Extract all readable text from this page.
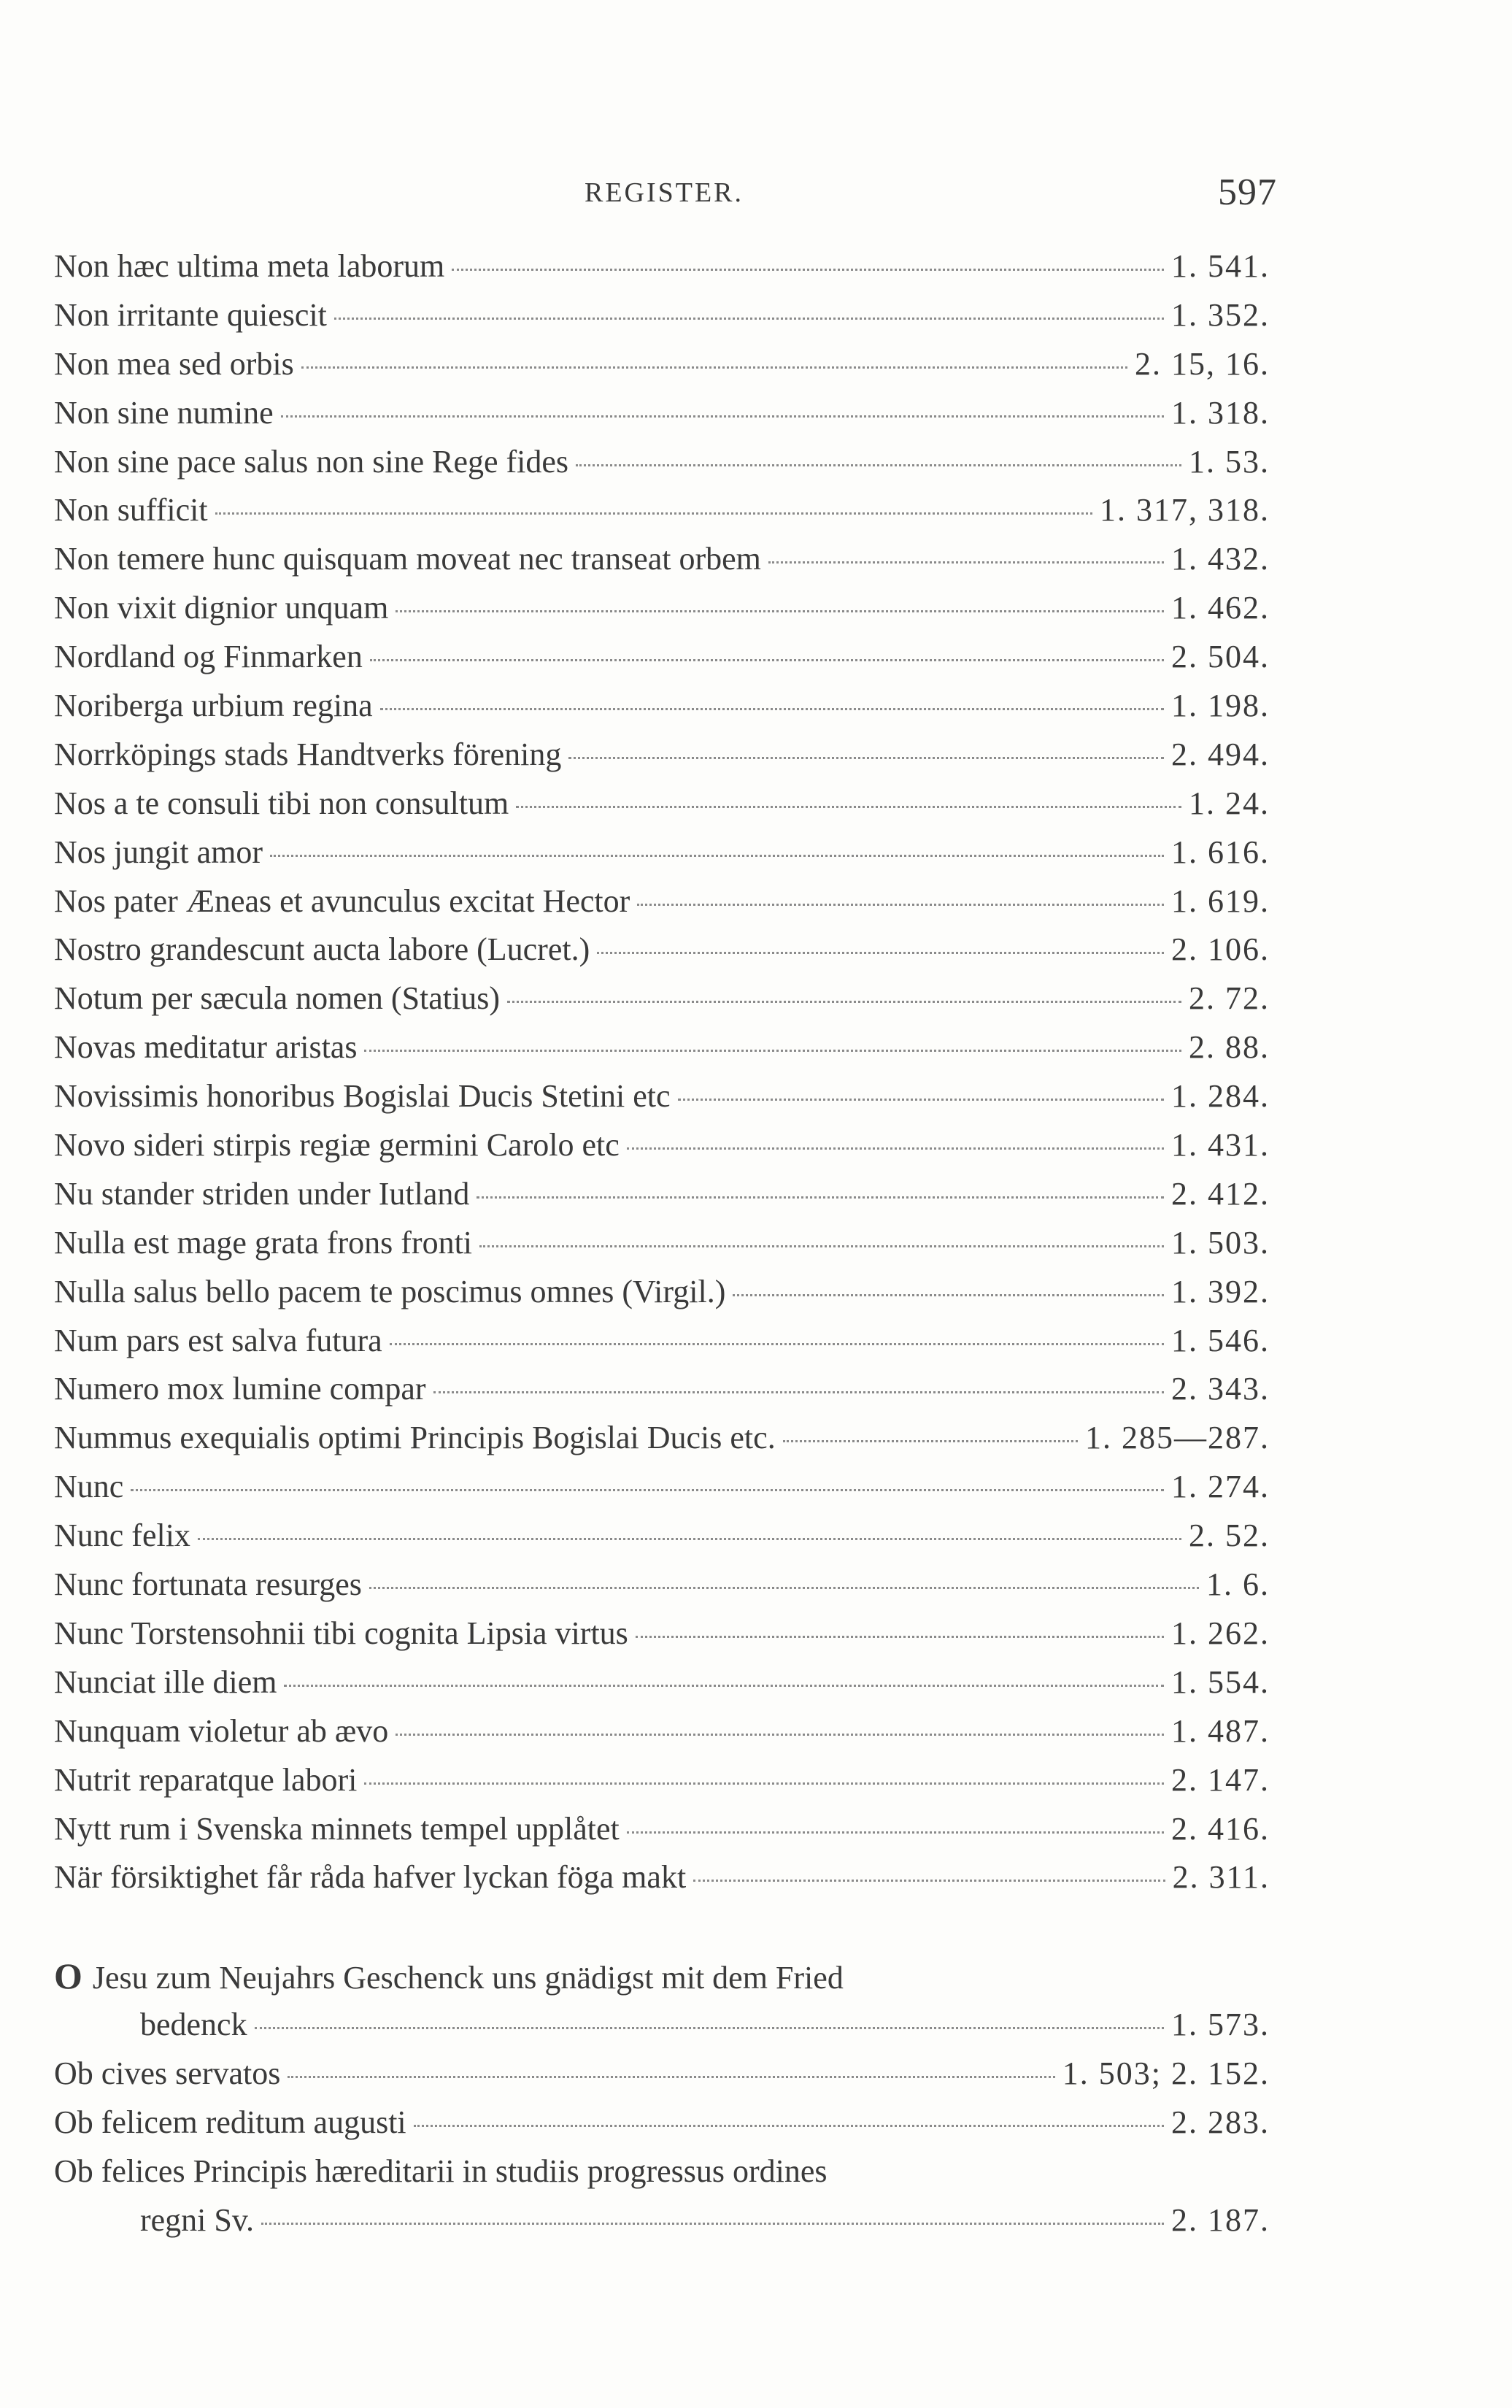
REGISTER.	597
Non hæc ultima meta laborum	1. 541.
Non irritante quiescit	1. 352.
Non mea sed orbis	2. 15, 16.
Non sine numine	1. 318.
Non sine pace salus non sine Rege fides	1. 53.
Non sufficit	1. 317, 318.
Non temere hunc quisquam moveat nec transeat orbem	1. 432.
Non vixit dignior unquam	1. 462.
Nordland og Finmarken	2. 504.
Noriberga urbium regina	1. 198.
Norrköpings stads Handtverks förening	2. 494.
Nos a te consuli tibi non consultum	1. 24.
Nos jungit amor	1. 616.
Nos pater Æneas et avunculus excitat Hector	1. 619.
Nostro grandescunt aucta labore (Lucret.)	2. 106.
Notum per sæcula nomen (Statius)	2. 72.
Novas meditatur aristas	2. 88.
Novissimis honoribus Bogislai Ducis Stetini etc	1. 284.
Novo sideri stirpis regiæ germini Carolo etc	1. 431.
Nu stander striden under Iutland	2. 412.
Nulla est mage grata frons fronti	1. 503.
Nulla salus bello pacem te poscimus omnes (Virgil.)	1. 392.
Num pars est salva futura	1. 546.
Numero mox lumine compar	2. 343.
Nummus exequialis optimi Principis Bogislai Ducis etc.	1. 285—287.
Nunc	1. 274.
Nunc felix	2. 52.
Nunc fortunata resurges	1. 6.
Nunc Torstensohnii tibi cognita Lipsia virtus	1. 262.
Nunciat ille diem	1. 554.
Nunquam violetur ab ævo	1. 487.
Nutrit reparatque labori	2. 147.
Nytt rum i Svenska minnets tempel upplåtet	2. 416.
När försiktighet får råda hafver lyckan föga makt	2. 311.
O Jesu zum Neujahrs Geschenck uns gnädigst mit dem Fried
bedenck	1. 573.
Ob cives servatos	1. 503; 2. 152.
Ob felicem reditum augusti	2. 283.
Ob felices Principis hæreditarii in studiis progressus ordines
regni Sv.	2. 187.
